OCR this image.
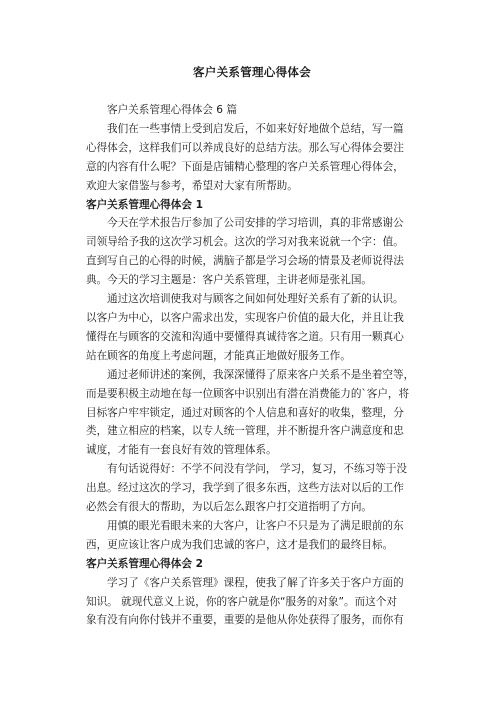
客户关系管理心得体会

客户关系管理心得体会 6 篇

我们在一些事情上受到启发后，不如来好好地做个总结，写一篇

心得体会，这样我们可以养成良好的总结方法。那么写心得体会要注

意的内容有什么呢？下面是店铺精心整理的客户关系管理心得体会，

欢迎大家借鉴与参考，希望对大家有所帮助。

客户关系管理心得体会 1

今天在学术报告厅参加了公司安排的学习培训，真的非常感谢公

司领导给予我的这次学习机会。这次的学习对我来说就一个字：值。

直到写自己的心得的时候，满脑子都是学习会场的情景及老师说得法

典。今天的学习主题是：客户关系管理，主讲老师是张礼国。

通过这次培训使我对与顾客之间如何处理好关系有了新的认识。

以客户为中心，以客户需求出发，实现客户价值的最大化，并且让我

懂得在与顾客的交流和沟通中要懂得真诚待客之道。只有用一颗真心

站在顾客的角度上考虑问题，才能真正地做好服务工作。

通过老师讲述的案例，我深深懂得了原来客户关系不是坐着空等，

而是要积极主动地在每一位顾客中识别出有潜在消费能力的`客户，将

目标客户牢牢锁定，通过对顾客的个人信息和喜好的收集，整理，分

类，建立相应的档案，以专人统一管理，并不断提升客户满意度和忠

诚度，才能有一套良好有效的管理体系。

有句话说得好：不学不问没有学问， 学习，复习，不练习等于没

出息。经过这次的学习，我学到了很多东西，这些方法对以后的工作

必然会有很大的帮助，为以后怎么跟客户打交道指明了方向。

用慎的眼光看眼未来的大客户，让客户不只是为了满足眼前的东

西，更应该让客户成为我们忠诚的客户，这才是我们的最终目标。

客户关系管理心得体会 2

学习了《客户关系管理》课程，使我了解了许多关于客户方面的

知识。 就现代意义上说，你的客户就是你“服务的对象”。而这个对

象有没有向你付钱并不重要，重要的是他从你处获得了服务，而你有
